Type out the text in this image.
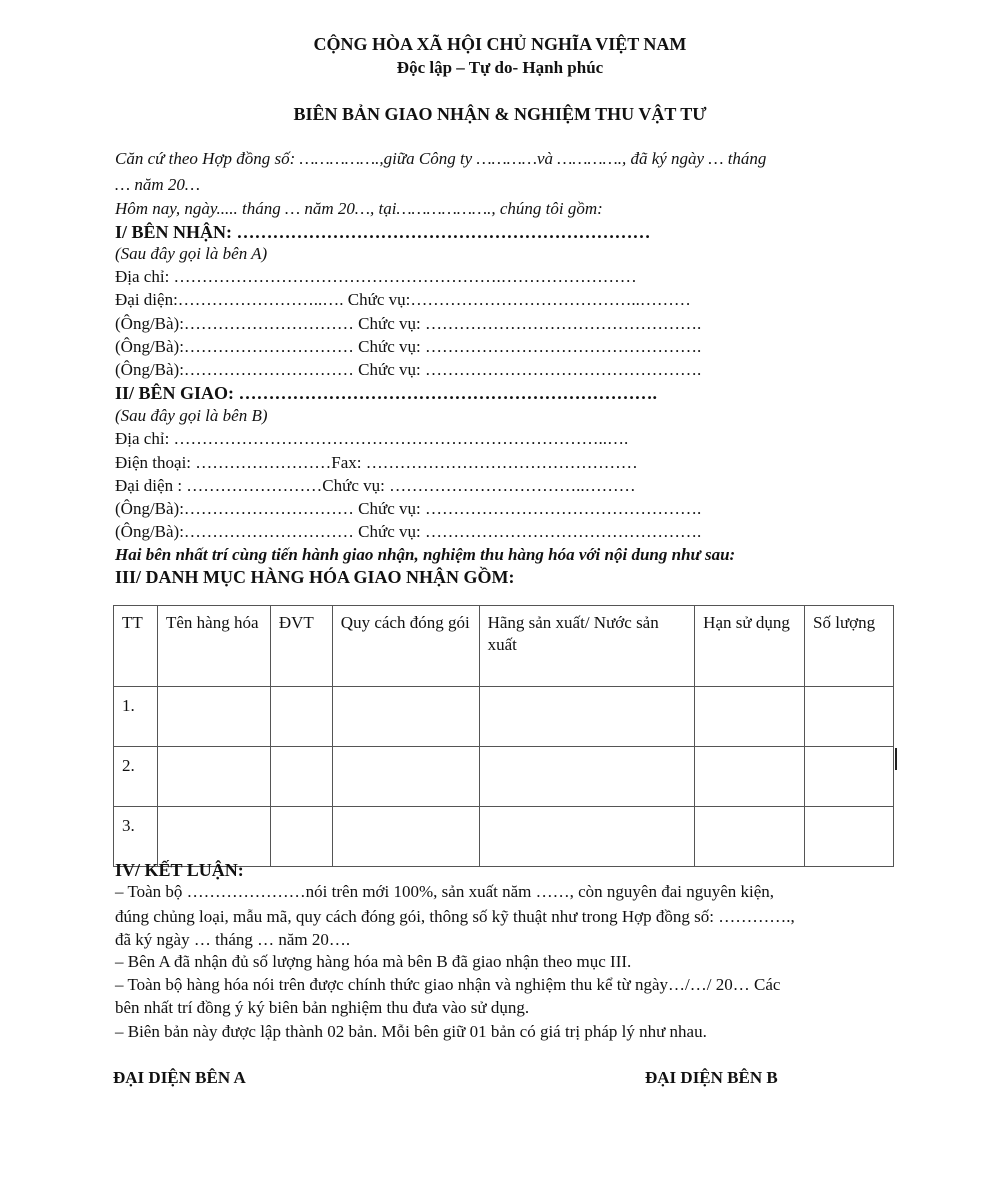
CỘNG HÒA XÃ HỘI CHỦ NGHĨA VIỆT NAM
Độc lập – Tự do- Hạnh phúc
BIÊN BẢN GIAO NHẬN & NGHIỆM THU VẬT TƯ
Căn cứ theo Hợp đồng số: …………….,giữa Công ty …………và …………., đã ký ngày … tháng
… năm 20…
Hôm nay, ngày..... tháng … năm 20…, tại………………., chúng tôi gồm:
I/ BÊN NHẬN: ……………………………………………………………
(Sau đây gọi là bên A)
Địa chỉ: ………………………………………………….……………………
Đại diện:……………………..…. Chức vụ:…………………………………..………
(Ông/Bà):………………………… Chức vụ: ………………………………………….
(Ông/Bà):………………………… Chức vụ: ………………………………………….
(Ông/Bà):………………………… Chức vụ: ………………………………………….
II/ BÊN GIAO: …………………………………………………………….
(Sau đây gọi là bên B)
Địa chỉ: …………………………………………………………………..….
Điện thoại: ……………………Fax: …………………………………………
Đại diện : ……………………Chức vụ: ……………………………..………
(Ông/Bà):………………………… Chức vụ: ………………………………………….
(Ông/Bà):………………………… Chức vụ: ………………………………………….
Hai bên nhất trí cùng tiến hành giao nhận, nghiệm thu hàng hóa với nội dung như sau:
III/ DANH MỤC HÀNG HÓA GIAO NHẬN GỒM:
TT	Tên hàng hóa	ĐVT	Quy cách đóng gói	Hãng sản xuất/ Nước sản xuất	Hạn sử dụng	Số lượng
1.						
2.						
3.						
IV/ KẾT LUẬN:
– Toàn bộ …………………nói trên mới 100%, sản xuất năm ……, còn nguyên đai nguyên kiện,
đúng chủng loại, mẫu mã, quy cách đóng gói, thông số kỹ thuật như trong Hợp đồng số: ………….,
đã ký ngày … tháng … năm 20….
– Bên A đã nhận đủ số lượng hàng hóa mà bên B đã giao nhận theo mục III.
– Toàn bộ hàng hóa nói trên được chính thức giao nhận và nghiệm thu kể từ ngày…/…/ 20… Các
bên nhất trí đồng ý ký biên bản nghiệm thu đưa vào sử dụng.
– Biên bản này được lập thành 02 bản. Mỗi bên giữ 01 bản có giá trị pháp lý như nhau.
ĐẠI DIỆN BÊN A	ĐẠI DIỆN BÊN B
